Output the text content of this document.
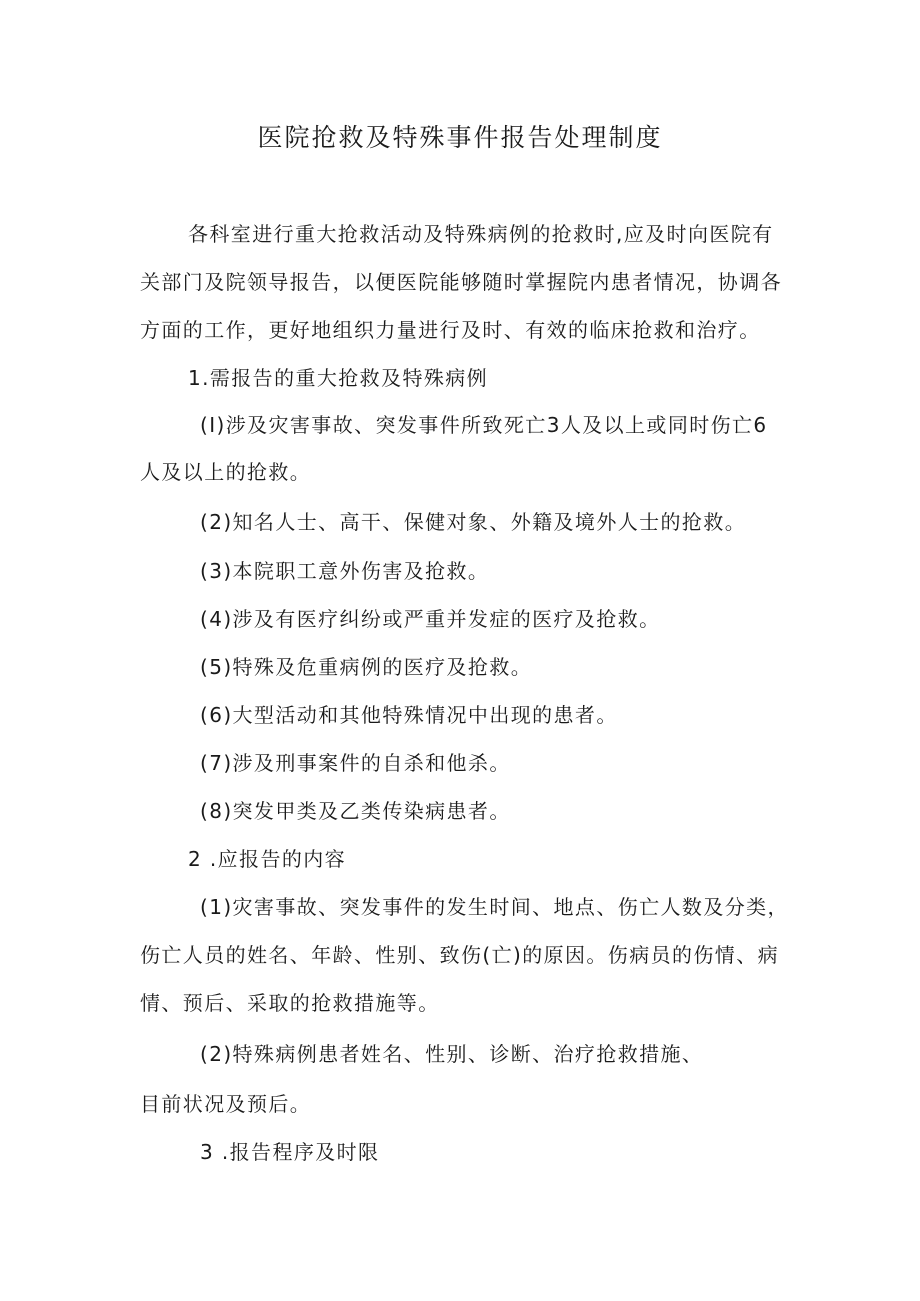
医院抢救及特殊事件报告处理制度
各科室进行重大抢救活动及特殊病例的抢救时,应及时向医院有
关部门及院领导报告，以便医院能够随时掌握院内患者情况，协调各
方面的工作，更好地组织力量进行及时、有效的临床抢救和治疗。
1.需报告的重大抢救及特殊病例
(I)涉及灾害事故、突发事件所致死亡3人及以上或同时伤亡6
人及以上的抢救。
(2)知名人士、高干、保健对象、外籍及境外人士的抢救。
(3)本院职工意外伤害及抢救。
(4)涉及有医疗纠纷或严重并发症的医疗及抢救。
(5)特殊及危重病例的医疗及抢救。
(6)大型活动和其他特殊情况中出现的患者。
(7)涉及刑事案件的自杀和他杀。
(8)突发甲类及乙类传染病患者。
2 .应报告的内容
(1)灾害事故、突发事件的发生时间、地点、伤亡人数及分类，
伤亡人员的姓名、年龄、性别、致伤(亡)的原因。伤病员的伤情、病
情、预后、采取的抢救措施等。
(2)特殊病例患者姓名、性别、诊断、治疗抢救措施、
目前状况及预后。
3 .报告程序及时限
